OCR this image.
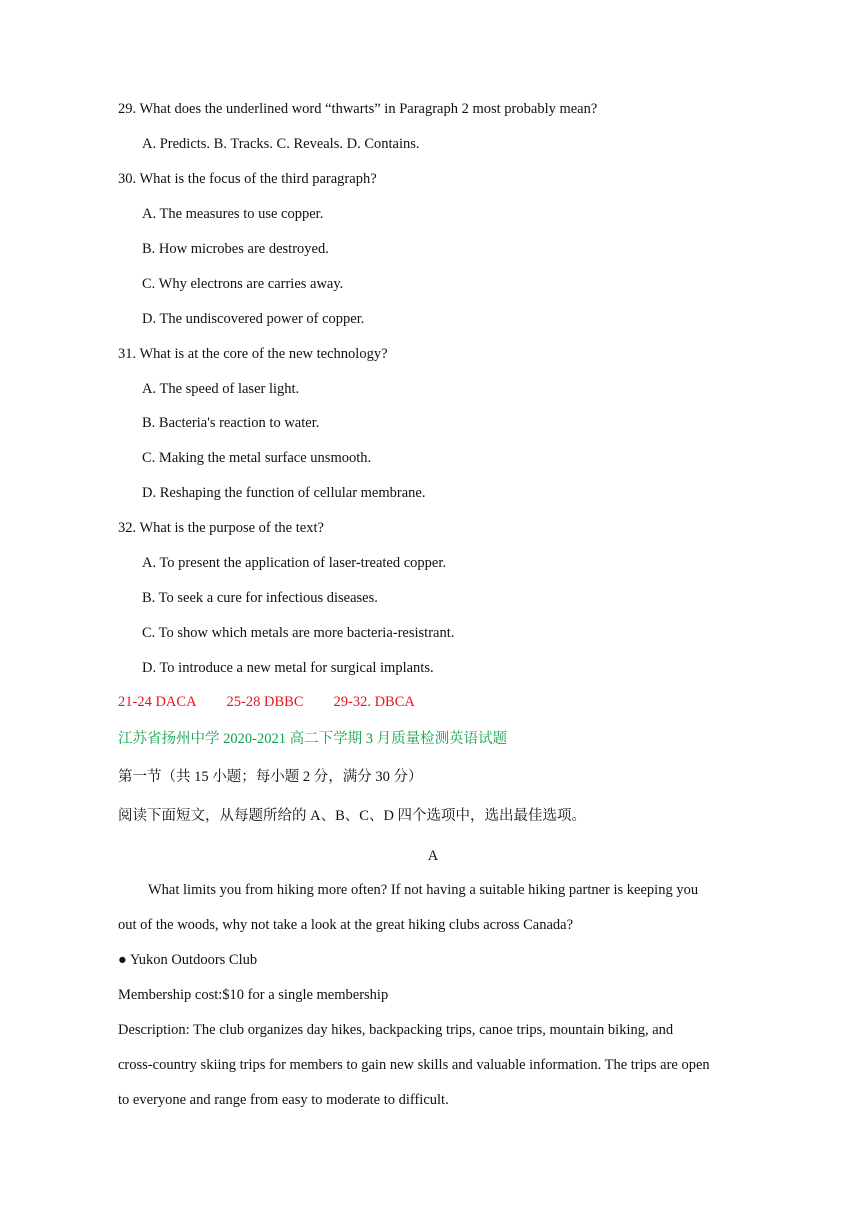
29. What does the underlined word “thwarts” in Paragraph 2 most probably mean?
A. Predicts. B. Tracks. C. Reveals. D. Contains.
30. What is the focus of the third paragraph?
A. The measures to use copper.
B. How microbes are destroyed.
C. Why electrons are carries away.
D. The undiscovered power of copper.
31. What is at the core of the new technology?
A. The speed of laser light.
B. Bacteria's reaction to water.
C. Making the metal surface unsmooth.
D. Reshaping the function of cellular membrane.
32. What is the purpose of the text?
A. To present the application of laser-treated copper.
B. To seek a cure for infectious diseases.
C. To show which metals are more bacteria-resistrant.
D. To introduce a new metal for surgical implants.
21-24 DACA 25-28 DBBC 29-32. DBCA
江苏省扬州中学 2020-2021 高二下学期 3 月质量检测英语试题
第一节（共 15 小题；每小题 2 分，满分 30 分）
阅读下面短文，从每题所给的 A、B、C、D 四个选项中，选出最佳选项。
A
What limits you from hiking more often? If not having a suitable hiking partner is keeping you
out of the woods, why not take a look at the great hiking clubs across Canada?
● Yukon Outdoors Club
Membership cost:$10 for a single membership
Description: The club organizes day hikes, backpacking trips, canoe trips, mountain biking, and
cross-country skiing trips for members to gain new skills and valuable information. The trips are open
to everyone and range from easy to moderate to difficult.
